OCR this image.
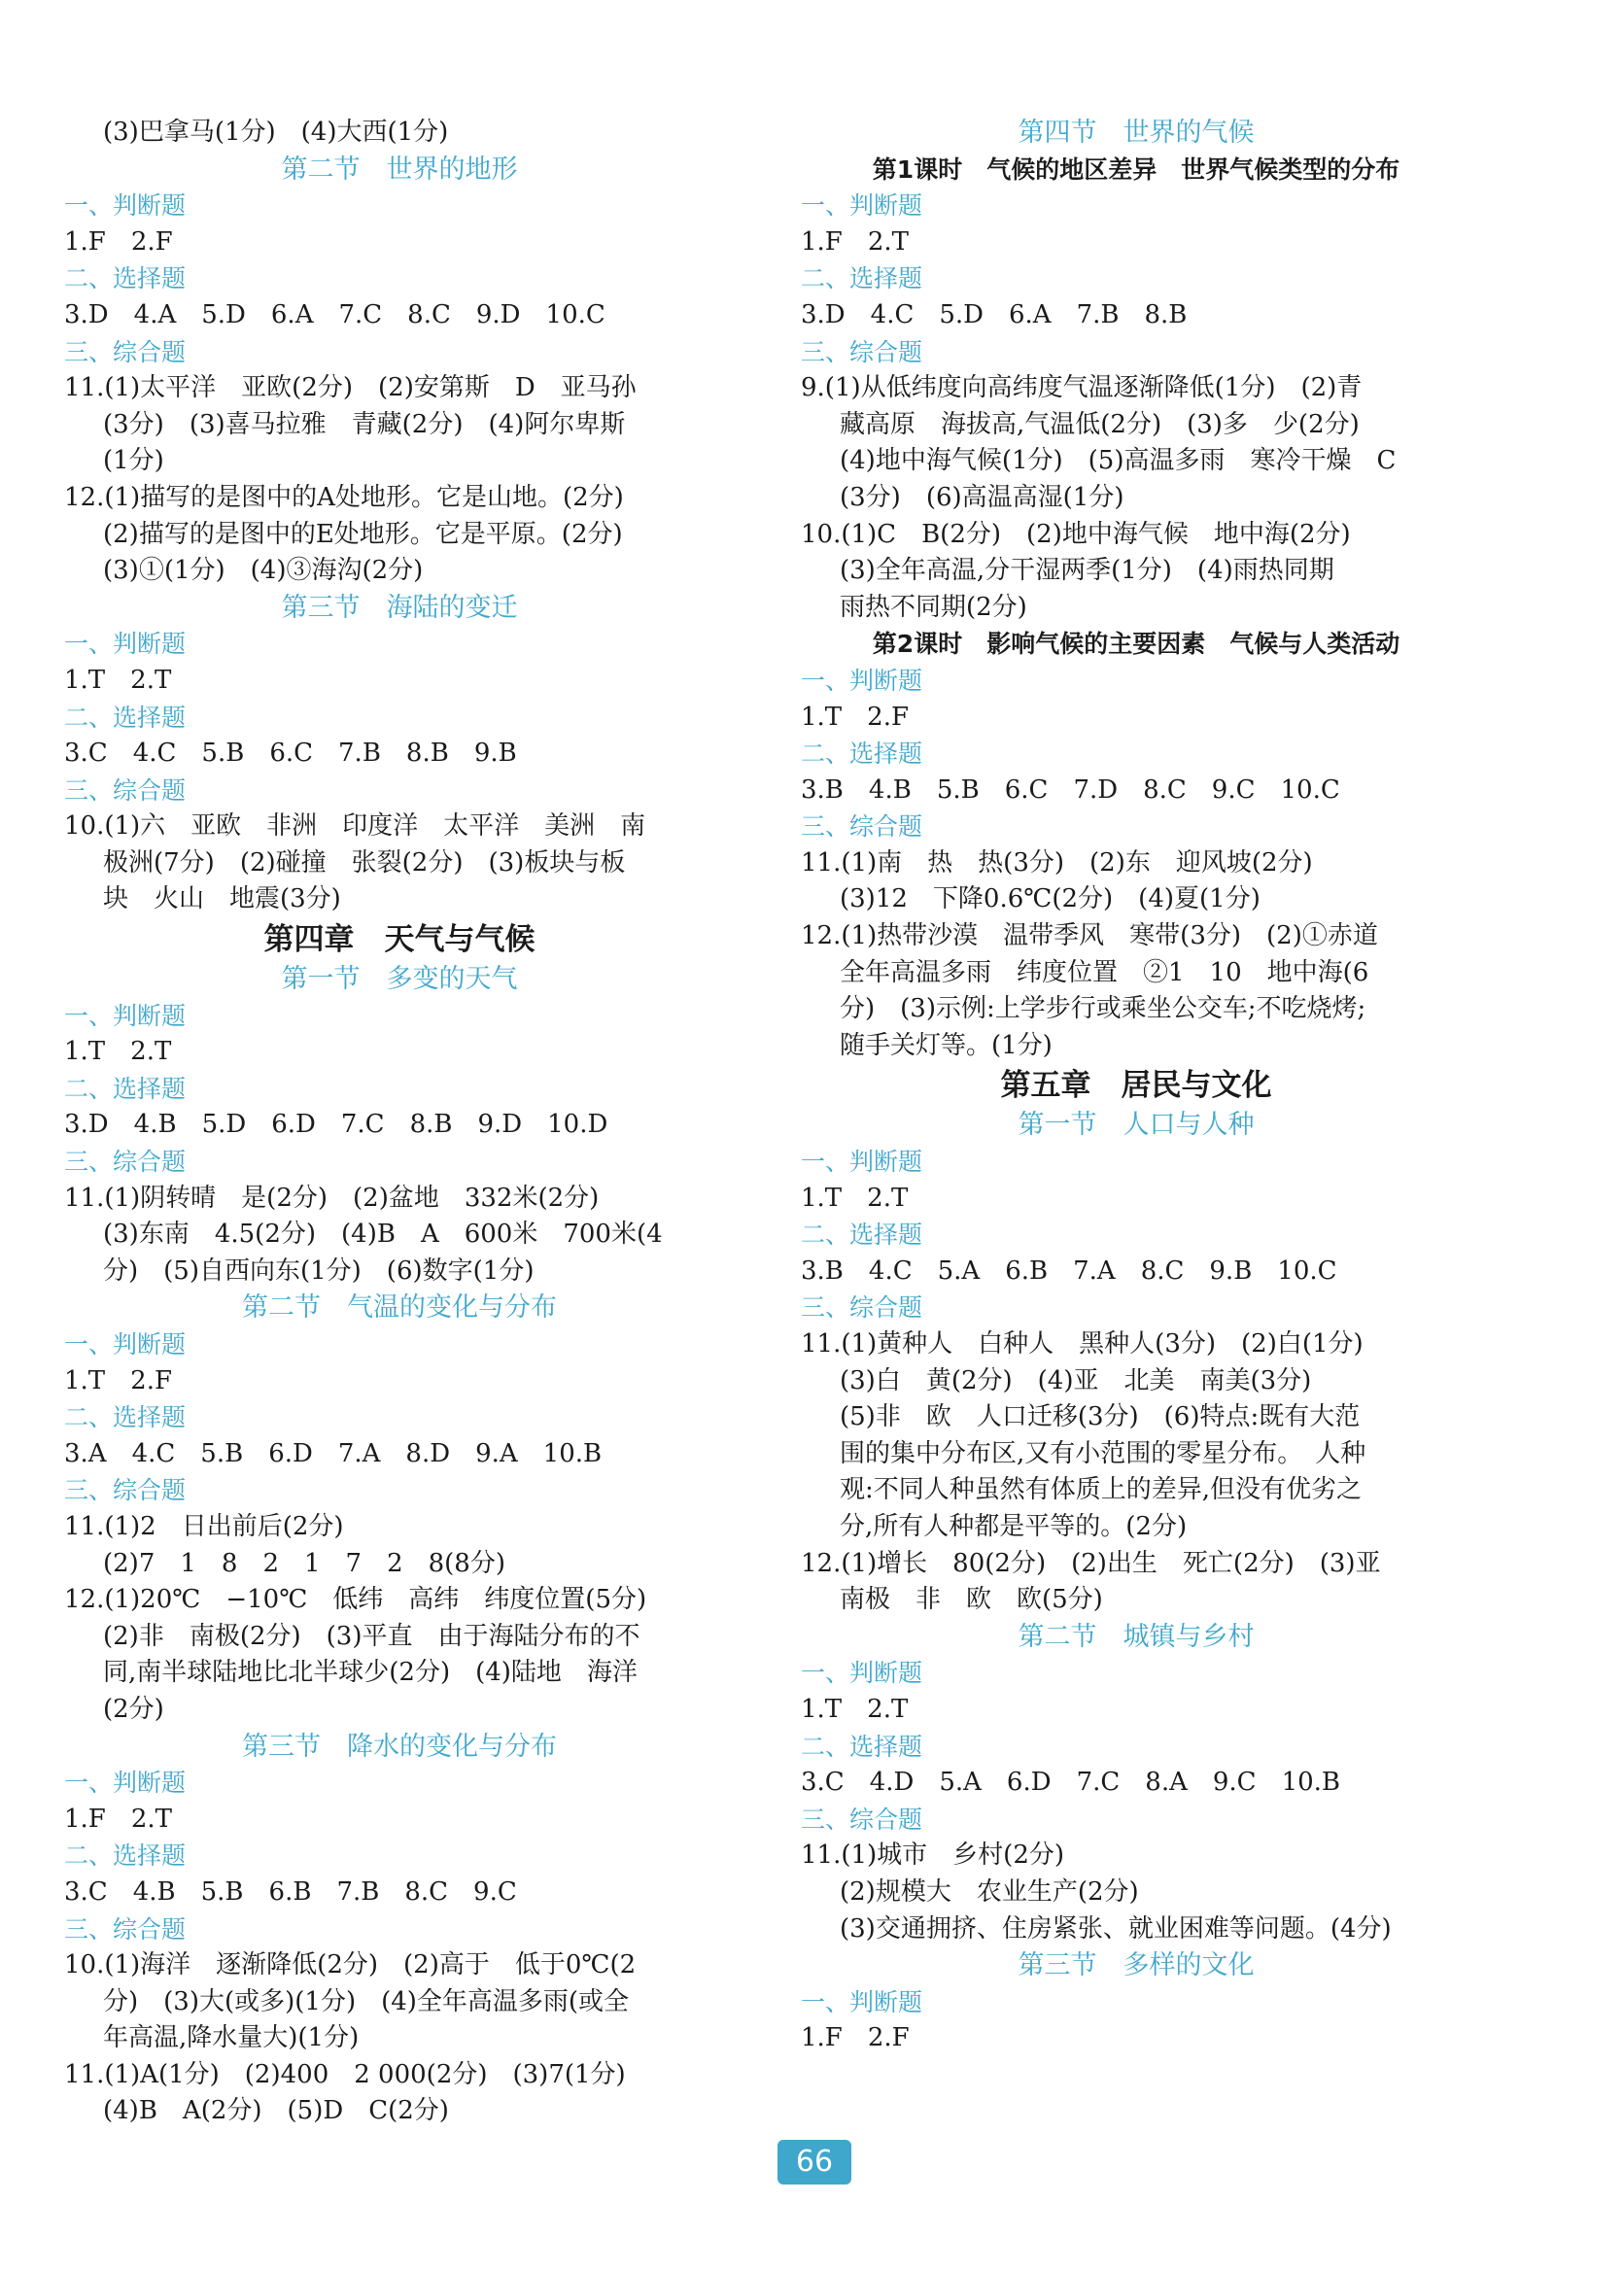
(3)巴拿马(1分)　(4)大西(1分)
第二节　世界的地形
一、判断题
1.F　2.F
二、选择题
3.D　4.A　5.D　6.A　7.C　8.C　9.D　10.C
三、综合题
11.(1)太平洋　亚欧(2分)　(2)安第斯　D　亚马孙
(3分)　(3)喜马拉雅　青藏(2分)　(4)阿尔卑斯
(1分)
12.(1)描写的是图中的A处地形。它是山地。(2分)
(2)描写的是图中的E处地形。它是平原。(2分)
(3)①(1分)　(4)③海沟(2分)
第三节　海陆的变迁
一、判断题
1.T　2.T
二、选择题
3.C　4.C　5.B　6.C　7.B　8.B　9.B
三、综合题
10.(1)六　亚欧　非洲　印度洋　太平洋　美洲　南
极洲(7分)　(2)碰撞　张裂(2分)　(3)板块与板
块　火山　地震(3分)
第四章　天气与气候
第一节　多变的天气
一、判断题
1.T　2.T
二、选择题
3.D　4.B　5.D　6.D　7.C　8.B　9.D　10.D
三、综合题
11.(1)阴转晴　是(2分)　(2)盆地　332米(2分)
(3)东南　4.5(2分)　(4)B　A　600米　700米(4
分)　(5)自西向东(1分)　(6)数字(1分)
第二节　气温的变化与分布
一、判断题
1.T　2.F
二、选择题
3.A　4.C　5.B　6.D　7.A　8.D　9.A　10.B
三、综合题
11.(1)2　日出前后(2分)
(2)7　1　8　2　1　7　2　8(8分)
12.(1)20℃　−10℃　低纬　高纬　纬度位置(5分)
(2)非　南极(2分)　(3)平直　由于海陆分布的不
同,南半球陆地比北半球少(2分)　(4)陆地　海洋
(2分)
第三节　降水的变化与分布
一、判断题
1.F　2.T
二、选择题
3.C　4.B　5.B　6.B　7.B　8.C　9.C
三、综合题
10.(1)海洋　逐渐降低(2分)　(2)高于　低于0℃(2
分)　(3)大(或多)(1分)　(4)全年高温多雨(或全
年高温,降水量大)(1分)
11.(1)A(1分)　(2)400　2 000(2分)　(3)7(1分)
(4)B　A(2分)　(5)D　C(2分)
第四节　世界的气候
第1课时　气候的地区差异　世界气候类型的分布
一、判断题
1.F　2.T
二、选择题
3.D　4.C　5.D　6.A　7.B　8.B
三、综合题
9.(1)从低纬度向高纬度气温逐渐降低(1分)　(2)青
藏高原　海拔高,气温低(2分)　(3)多　少(2分)
(4)地中海气候(1分)　(5)高温多雨　寒冷干燥　C
(3分)　(6)高温高湿(1分)
10.(1)C　B(2分)　(2)地中海气候　地中海(2分)
(3)全年高温,分干湿两季(1分)　(4)雨热同期
雨热不同期(2分)
第2课时　影响气候的主要因素　气候与人类活动
一、判断题
1.T　2.F
二、选择题
3.B　4.B　5.B　6.C　7.D　8.C　9.C　10.C
三、综合题
11.(1)南　热　热(3分)　(2)东　迎风坡(2分)
(3)12　下降0.6℃(2分)　(4)夏(1分)
12.(1)热带沙漠　温带季风　寒带(3分)　(2)①赤道
全年高温多雨　纬度位置　②1　10　地中海(6
分)　(3)示例:上学步行或乘坐公交车;不吃烧烤;
随手关灯等。(1分)
第五章　居民与文化
第一节　人口与人种
一、判断题
1.T　2.T
二、选择题
3.B　4.C　5.A　6.B　7.A　8.C　9.B　10.C
三、综合题
11.(1)黄种人　白种人　黑种人(3分)　(2)白(1分)
(3)白　黄(2分)　(4)亚　北美　南美(3分)
(5)非　欧　人口迁移(3分)　(6)特点:既有大范
围的集中分布区,又有小范围的零星分布。　人种
观:不同人种虽然有体质上的差异,但没有优劣之
分,所有人种都是平等的。(2分)
12.(1)增长　80(2分)　(2)出生　死亡(2分)　(3)亚
南极　非　欧　欧(5分)
第二节　城镇与乡村
一、判断题
1.T　2.T
二、选择题
3.C　4.D　5.A　6.D　7.C　8.A　9.C　10.B
三、综合题
11.(1)城市　乡村(2分)
(2)规模大　农业生产(2分)
(3)交通拥挤、住房紧张、就业困难等问题。(4分)
第三节　多样的文化
一、判断题
1.F　2.F
66
